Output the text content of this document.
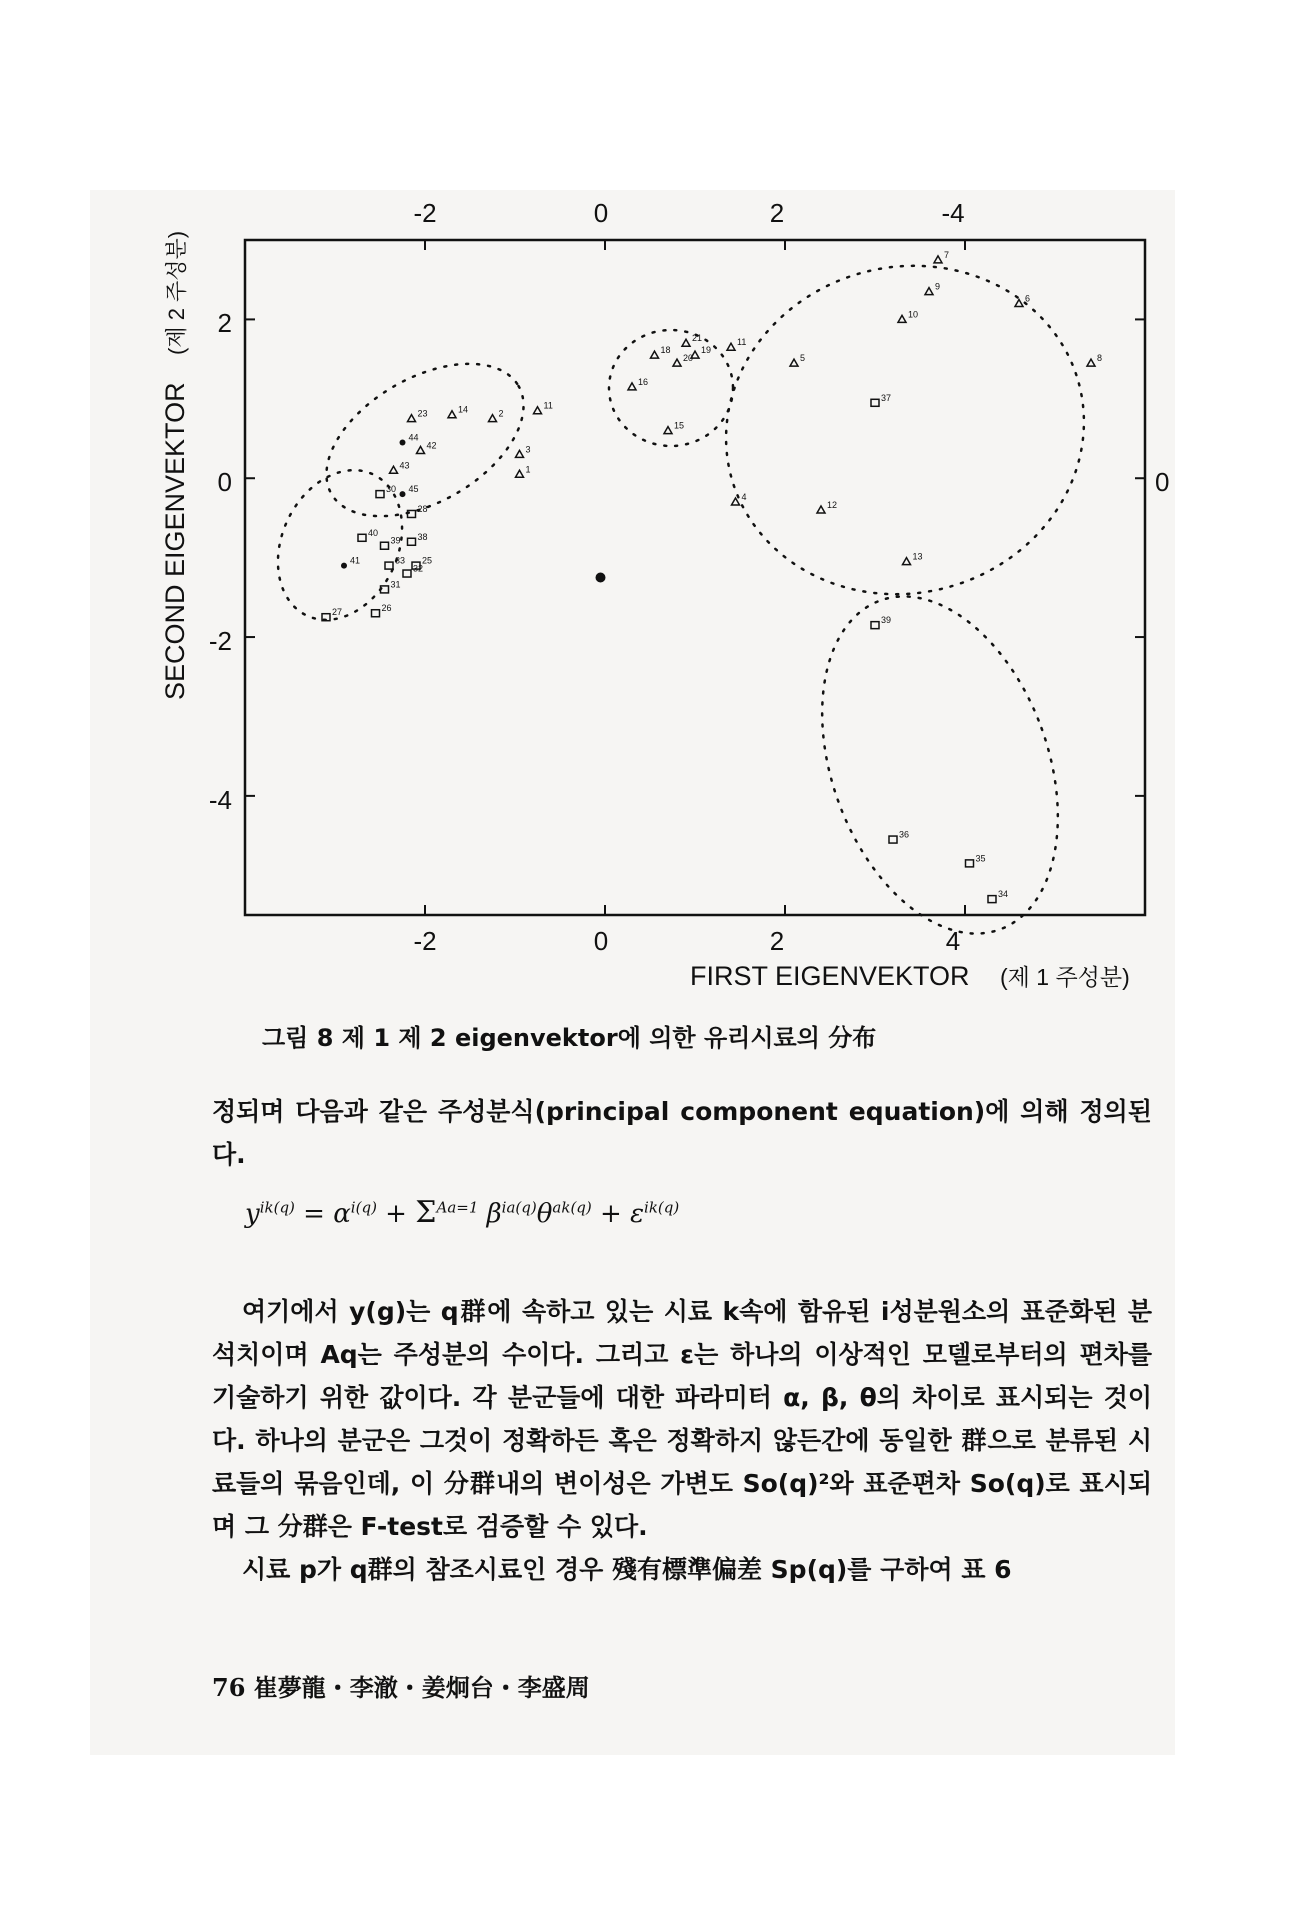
7
9
6
10
8
5
21	11
19
18
20
16
15
14	2
11
3
1
4
12
13
23
43
42
37
39
36
35
34
30
28
40
39 38
33 25
32
31
27	26
44
45
41
-2	0	2	-4
-2	0	2	4
2
0
-2
-4
0
FIRST EIGENVEKTOR (제 1 주성분)
SECOND EIGENVEKTOR
(제 2 주성분)
그림 8 제 1 제 2 eigenvektor에 의한 유리시료의 分布

정되며 다음과 같은 주성분식(principal component equation)에 의해 정의된다.

$y^{ik(q)} = \alpha^{i(q)} + \Sigma^{Aa=1}$ $\beta^{ia(q)}\theta^{ak(q)} + \varepsilon^{ik(q)}$

여기에서 y(g)는 q群에 속하고 있는 시료 k속에 함유된 i성분원소의 표준화된 분석치이며 Aq는 주성분의 수이다. 그리고 ε는 하나의 이상적인 모델로부터의 편차를 기술하기 위한 값이다. 각 분군들에 대한 파라미터 α, β, θ의 차이로 표시되는 것이다. 하나의 분군은 그것이 정확하든 혹은 정확하지 않든간에 동일한 群으로 분류된 시료들의 묶음인데, 이 分群내의 변이성은 가변도 So(q)²와 표준편차 So(q)로 표시되며 그 分群은 F-test로 검증할 수 있다.

시료 p가 q群의 참조시료인 경우 殘有標準偏差 Sp(q)를 구하여 표 6

76 崔夢龍・李澈・姜炯台・李盛周
